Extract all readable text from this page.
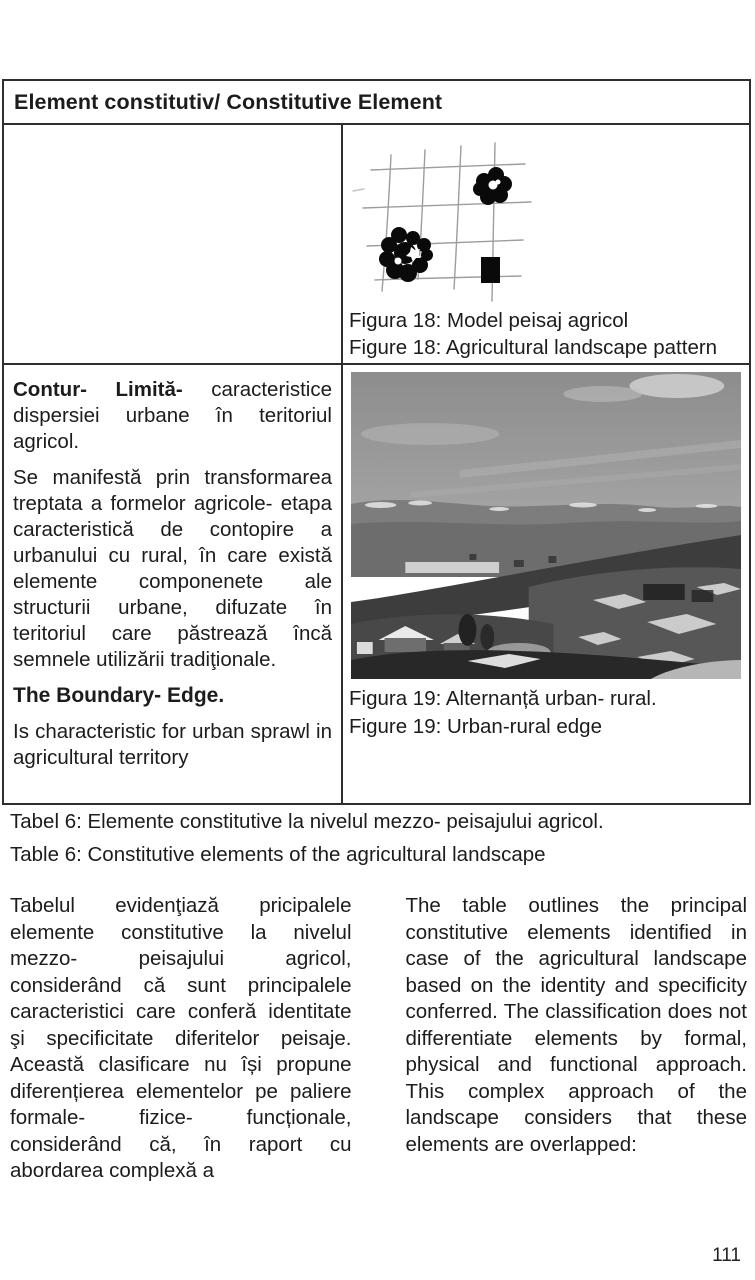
Element constitutiv/ Constitutive Element
Figura 18: Model peisaj agricol
Figure 18: Agricultural landscape pattern

Contur- Limită- caracteristice dispersiei urbane în teritoriul agricol.

Se manifestă prin transformarea treptata a formelor agricole- etapa caracteristică de contopire a urbanului cu rural, în care există elemente componenete ale structurii urbane, difuzate în teritoriul care păstrează încă semnele utilizării tradiţionale.

The Boundary- Edge.

Is characteristic for urban sprawl in agricultural territory

Figura 19: Alternanță urban- rural.
Figure 19: Urban-rural edge

Tabel 6: Elemente constitutive la nivelul mezzo- peisajului agricol.

Table 6: Constitutive elements of the agricultural landscape

Tabelul evidenţiază pricipalele elemente constitutive la nivelul mezzo- peisajului agricol, considerând că sunt principalele caracteristici care conferă identitate şi specificitate diferitelor peisaje. Această clasificare nu își propune diferențierea elementelor pe paliere formale- fizice- funcționale, considerând că, în raport cu abordarea complexă a
The table outlines the principal constitutive elements identified in case of the agricultural landscape based on the identity and specificity conferred. The classification does not differentiate elements by formal, physical and functional approach. This complex approach of the landscape considers that these elements are overlapped:
111
